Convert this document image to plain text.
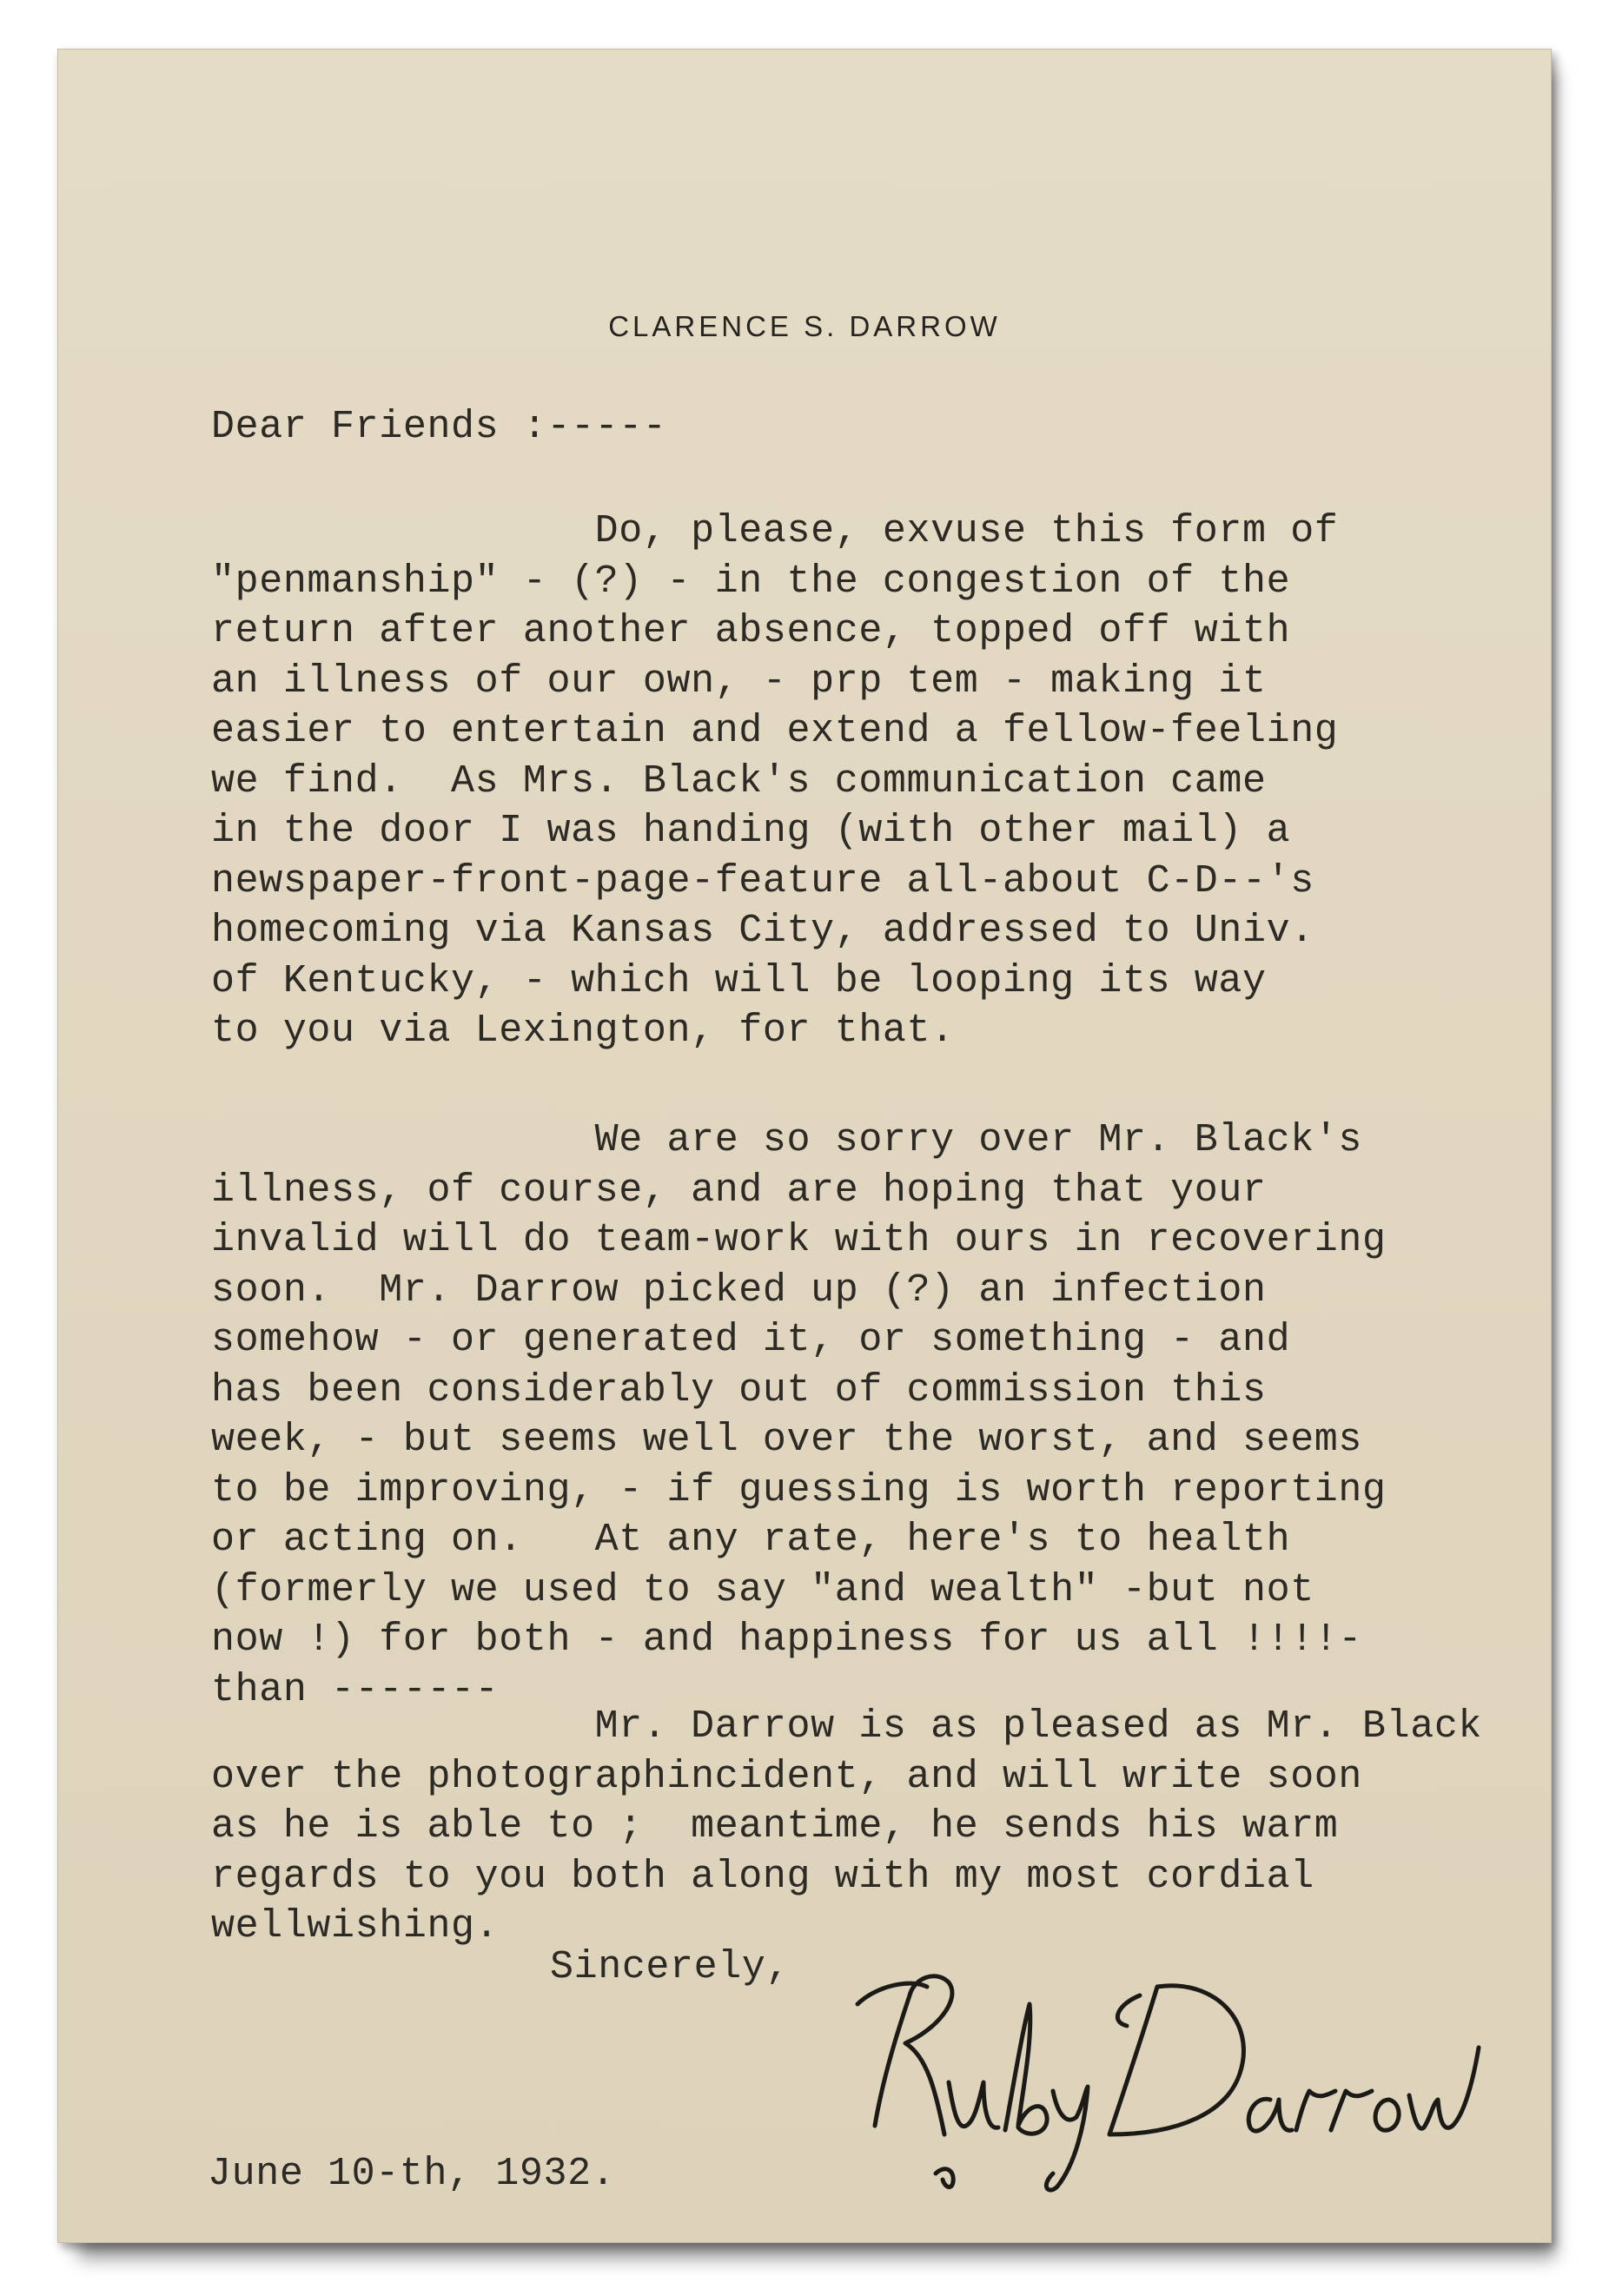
CLARENCE S. DARROW
Dear Friends :-----
Do, please, exvuse this form of
"penmanship" - (?) - in the congestion of the
return after another absence, topped off with
an illness of our own, - prp tem - making it
easier to entertain and extend a fellow-feeling
we find.  As Mrs. Black's communication came
in the door I was handing (with other mail) a
newspaper-front-page-feature all-about C-D--'s
homecoming via Kansas City, addressed to Univ.
of Kentucky, - which will be looping its way
to you via Lexington, for that.
We are so sorry over Mr. Black's
illness, of course, and are hoping that your
invalid will do team-work with ours in recovering
soon.  Mr. Darrow picked up (?) an infection
somehow - or generated it, or something - and
has been considerably out of commission this
week, - but seems well over the worst, and seems
to be improving, - if guessing is worth reporting
or acting on.   At any rate, here's to health
(formerly we used to say "and wealth" -but not
now !) for both - and happiness for us all !!!!-
than -------
Mr. Darrow is as pleased as Mr. Black
over the photographincident, and will write soon
as he is able to ;  meantime, he sends his warm
regards to you both along with my most cordial
wellwishing.
Sincerely,
June 10-th, 1932.
